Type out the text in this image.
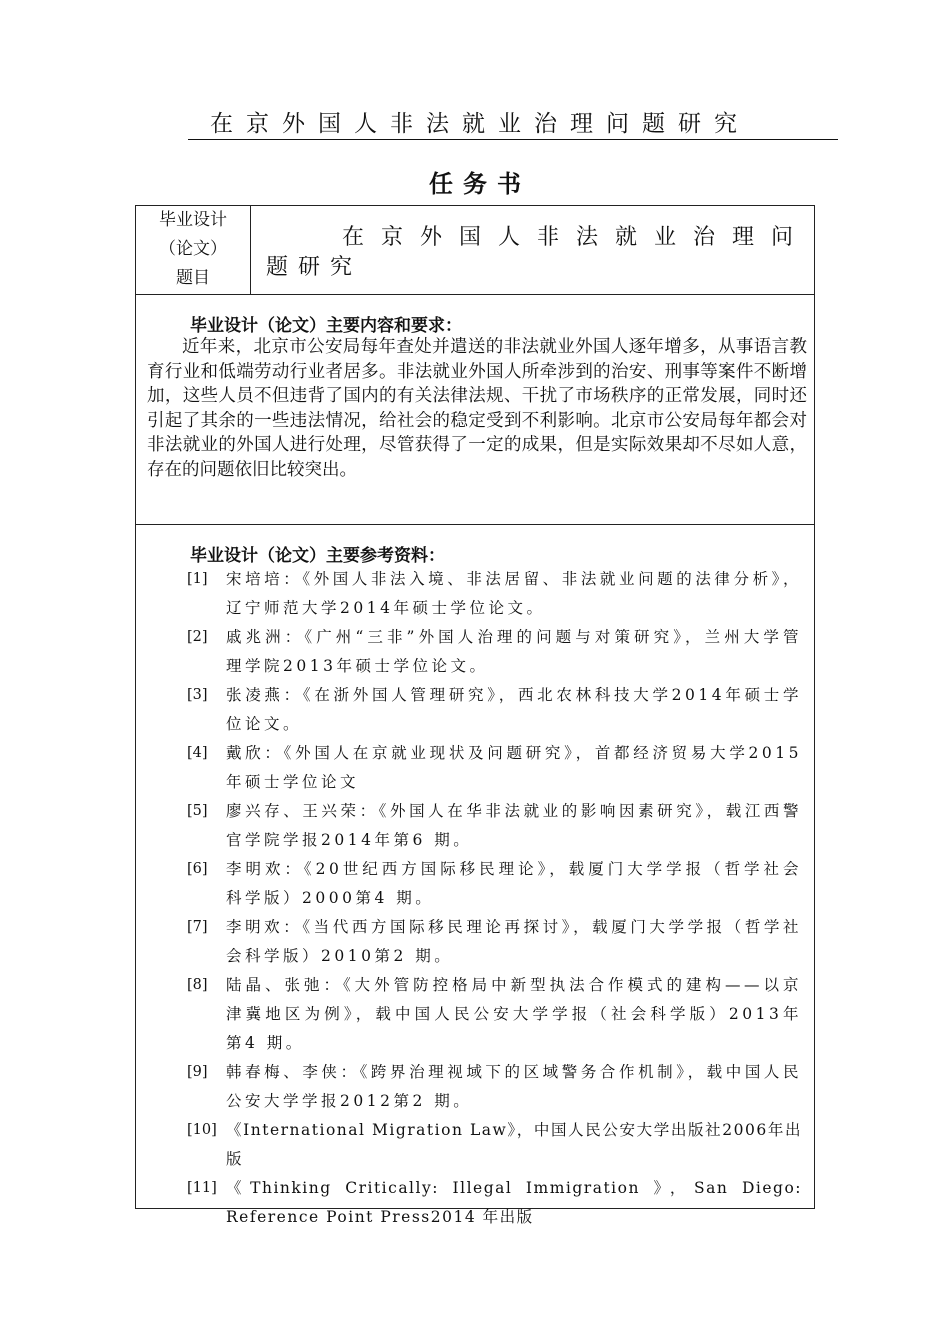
在京外国人非法就业治理问题研究
任务书
毕业设计
（论文）
题目
在京外国人非法就业治理问
题研究
毕业设计（论文）主要内容和要求：
近年来，北京市公安局每年查处并遣送的非法就业外国人逐年增多，从事语言教育行业和低端劳动行业者居多。非法就业外国人所牵涉到的治安、刑事等案件不断增加，这些人员不但违背了国内的有关法律法规、干扰了市场秩序的正常发展，同时还引起了其余的一些违法情况，给社会的稳定受到不利影响。北京市公安局每年都会对非法就业的外国人进行处理，尽管获得了一定的成果，但是实际效果却不尽如人意，存在的问题依旧比较突出。
毕业设计（论文）主要参考资料：
[1] 宋培培：《外国人非法入境、非法居留、非法就业问题的法律分析》，辽宁师范大学2014年硕士学位论文。
[2] 戚兆洲：《广州“三非”外国人治理的问题与对策研究》，兰州大学管理学院2013年硕士学位论文。
[3] 张凌燕：《在浙外国人管理研究》，西北农林科技大学2014年硕士学位论文。
[4] 戴欣：《外国人在京就业现状及问题研究》，首都经济贸易大学2015年硕士学位论文
[5] 廖兴存、王兴荣：《外国人在华非法就业的影响因素研究》，载江西警官学院学报2014年第6 期。
[6] 李明欢：《20世纪西方国际移民理论》，载厦门大学学报（哲学社会科学版）2000第4 期。
[7] 李明欢：《当代西方国际移民理论再探讨》，载厦门大学学报（哲学社会科学版）2010第2 期。
[8] 陆晶、张弛：《大外管防控格局中新型执法合作模式的建构——以京津冀地区为例》，载中国人民公安大学学报（社会科学版）2013年第4 期。
[9] 韩春梅、李侠：《跨界治理视域下的区域警务合作机制》，载中国人民公安大学学报2012第2 期。
[10] 《International Migration Law》，中国人民公安大学出版社2006年出版
[11] 《Thinking Critically: Illegal Immigration 》，San Diego: Reference Point Press2014 年出版
